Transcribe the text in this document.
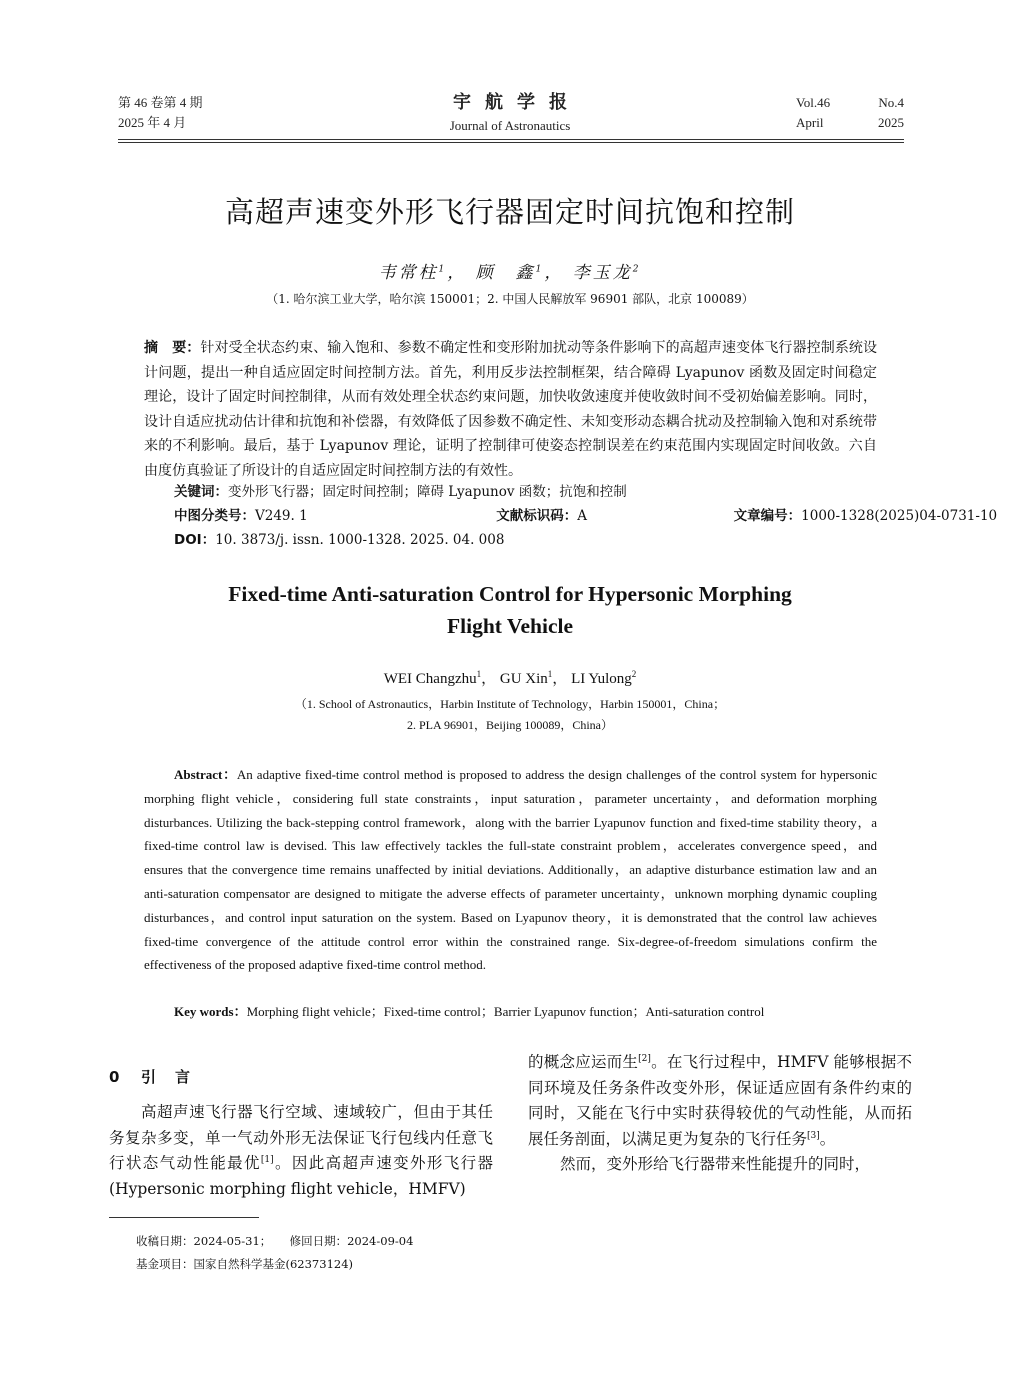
第 46 卷第 4 期
2025 年 4 月
宇航学报
Journal of Astronautics
Vol.46	No.4
April	2025
高超声速变外形飞行器固定时间抗饱和控制
韦常柱$^1$， 顾　鑫$^1$， 李玉龙$^2$
（1. 哈尔滨工业大学，哈尔滨 150001；2. 中国人民解放军 96901 部队，北京 100089）
摘　要：针对受全状态约束、输入饱和、参数不确定性和变形附加扰动等条件影响下的高超声速变体飞行器控制系统设计问题，提出一种自适应固定时间控制方法。首先，利用反步法控制框架，结合障碍 Lyapunov 函数及固定时间稳定理论，设计了固定时间控制律，从而有效处理全状态约束问题，加快收敛速度并使收敛时间不受初始偏差影响。同时，设计自适应扰动估计律和抗饱和补偿器，有效降低了因参数不确定性、未知变形动态耦合扰动及控制输入饱和对系统带来的不利影响。最后，基于 Lyapunov 理论，证明了控制律可使姿态控制误差在约束范围内实现固定时间收敛。六自由度仿真验证了所设计的自适应固定时间控制方法的有效性。
关键词：变外形飞行器；固定时间控制；障碍 Lyapunov 函数；抗饱和控制
中图分类号：V249. 1	文献标识码：A	文章编号：1000-1328(2025)04-0731-10
DOI：10. 3873/j. issn. 1000-1328. 2025. 04. 008
Fixed-time Anti-saturation Control for Hypersonic Morphing
Flight Vehicle
WEI Changzhu$^1$， GU Xin$^1$， LI Yulong$^2$
（1. School of Astronautics，Harbin Institute of Technology，Harbin 150001，China；
2. PLA 96901，Beijing 100089，China）
Abstract：An adaptive fixed-time control method is proposed to address the design challenges of the control system for hypersonic morphing flight vehicle，considering full state constraints，input saturation，parameter uncertainty，and deformation morphing disturbances. Utilizing the back-stepping control framework，along with the barrier Lyapunov function and fixed-time stability theory，a fixed-time control law is devised. This law effectively tackles the full-state constraint problem，accelerates convergence speed，and ensures that the convergence time remains unaffected by initial deviations. Additionally，an adaptive disturbance estimation law and an anti-saturation compensator are designed to mitigate the adverse effects of parameter uncertainty，unknown morphing dynamic coupling disturbances，and control input saturation on the system. Based on Lyapunov theory，it is demonstrated that the control law achieves fixed-time convergence of the attitude control error within the constrained range. Six-degree-of-freedom simulations confirm the effectiveness of the proposed adaptive fixed-time control method.
Key words：Morphing flight vehicle；Fixed-time control；Barrier Lyapunov function；Anti-saturation control
0 引　言
高超声速飞行器飞行空域、速域较广，但由于其任务复杂多变，单一气动外形无法保证飞行包线内任意飞行状态气动性能最优[1]。因此高超声速变外形飞行器(Hypersonic morphing flight vehicle，HMFV)
的概念应运而生[2]。在飞行过程中，HMFV 能够根据不同环境及任务条件改变外形，保证适应固有条件约束的同时，又能在飞行中实时获得较优的气动性能，从而拓展任务剖面，以满足更为复杂的飞行任务[3]。
然而，变外形给飞行器带来性能提升的同时，
收稿日期：2024-05-31； 修回日期：2024-09-04
基金项目：国家自然科学基金(62373124)
